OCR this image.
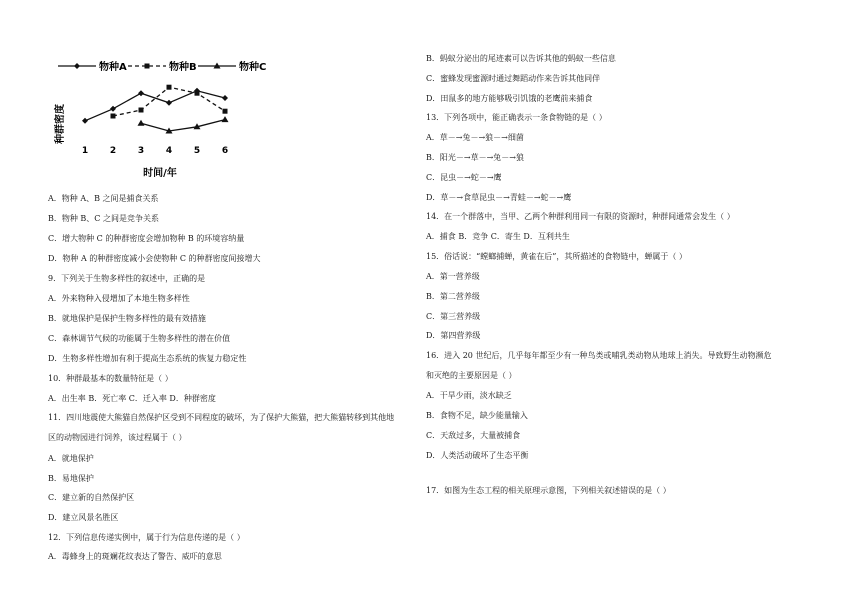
物种A	物种B	物种C
种群密度
1 2 3 4 5 6
时间/年
A．物种 A、B 之间是捕食关系
B．物种 B、C 之间是竞争关系
C．增大物种 C 的种群密度会增加物种 B 的环境容纳量
D．物种 A 的种群密度减小会使物种 C 的种群密度间接增大
9．下列关于生物多样性的叙述中，正确的是
A．外来物种入侵增加了本地生物多样性
B．就地保护是保护生物多样性的最有效措施
C．森林调节气候的功能属于生物多样性的潜在价值
D．生物多样性增加有利于提高生态系统的恢复力稳定性
10．种群最基本的数量特征是（ ）
A．出生率 B．死亡率 C．迁入率 D．种群密度
11．四川地震使大熊猫自然保护区受到不同程度的破坏，为了保护大熊猫，把大熊猫转移到其他地
区的动物园进行饲养，该过程属于（ ）
A．就地保护
B．易地保护
C．建立新的自然保护区
D．建立风景名胜区
12．下列信息传递实例中，属于行为信息传递的是（ ）
A．毒蜂身上的斑斓花纹表达了警告、威吓的意思
B．蚂蚁分泌出的尾迹素可以告诉其他的蚂蚁一些信息
C．蜜蜂发现蜜源时通过舞蹈动作来告诉其他同伴
D．田鼠多的地方能够吸引饥饿的老鹰前来捕食
13．下列各项中，能正确表示一条食物链的是（ ）
A．草－→兔－→狼－→细菌
B．阳光－→草－→兔－→狼
C．昆虫－→蛇－→鹰
D．草－→食草昆虫－→青蛙－→蛇－→鹰
14．在一个群落中，当甲、乙两个种群利用同一有限的资源时，种群间通常会发生（ ）
A．捕食 B．竞争 C．寄生 D．互利共生
15．俗话说：“螳螂捕蝉，黄雀在后”，其所描述的食物链中，蝉属于（ ）
A．第一营养级
B．第二营养级
C．第三营养级
D．第四营养级
16．进入 20 世纪后，几乎每年都至少有一种鸟类或哺乳类动物从地球上消失。导致野生动物濒危
和灭绝的主要原因是（ ）
A．干旱少雨，淡水缺乏
B．食物不足，缺少能量输入
C．天敌过多，大量被捕食
D．人类活动破坏了生态平衡
17．如图为生态工程的相关原理示意图，下列相关叙述错误的是（ ）
